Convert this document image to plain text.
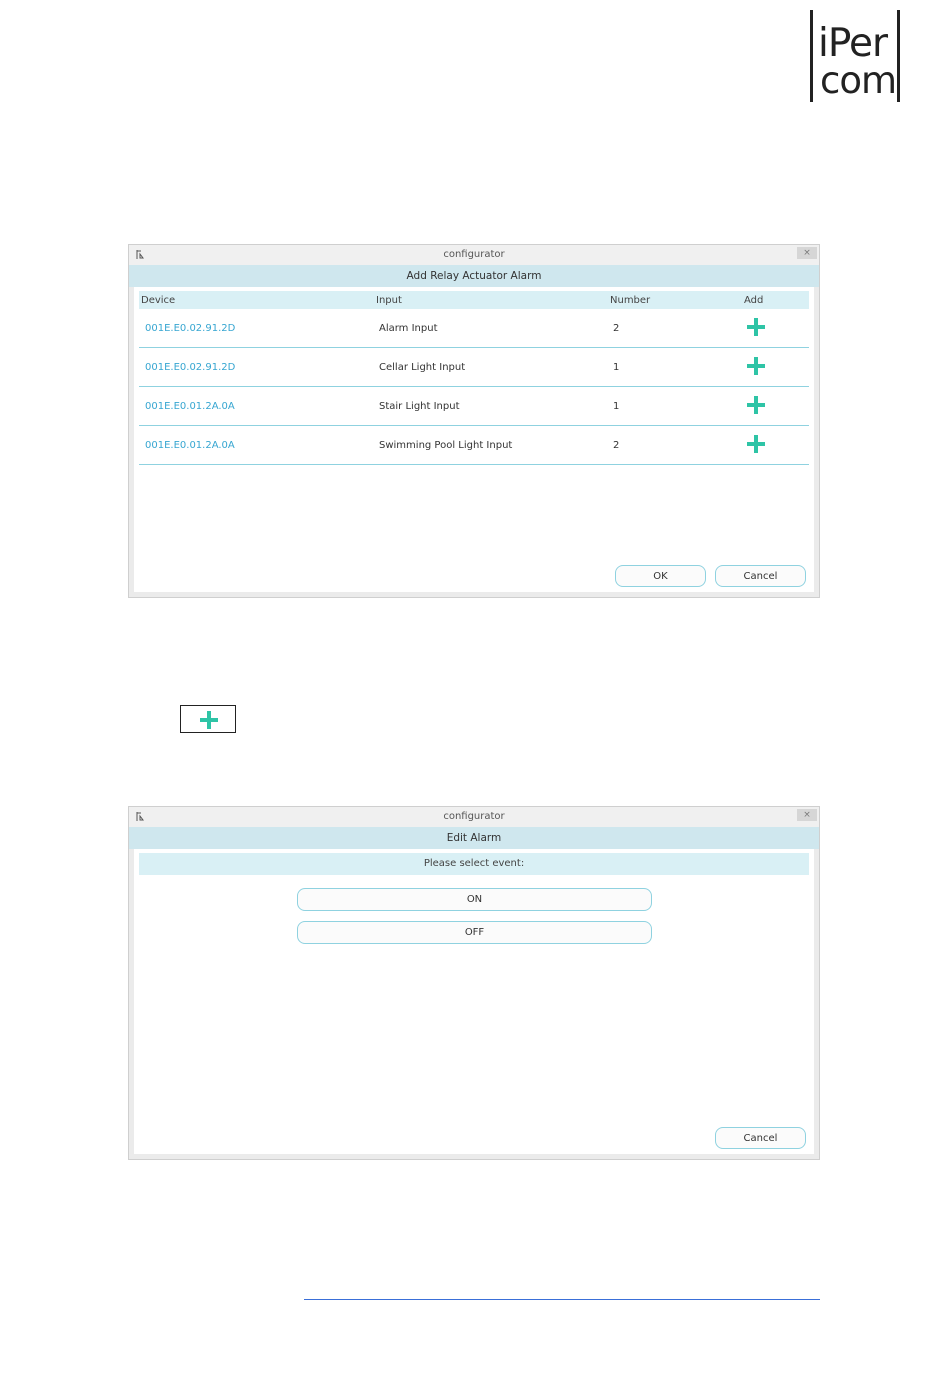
iPer
com
configurator	×
Add Relay Actuator Alarm
Device	Input	Number	Add
001E.E0.02.91.2D	Alarm Input	2
001E.E0.02.91.2D	Cellar Light Input	1
001E.E0.01.2A.0A	Stair Light Input	1
001E.E0.01.2A.0A	Swimming Pool Light Input	2
OK	Cancel
configurator	×
Edit Alarm
Please select event:
ON
OFF
Cancel
